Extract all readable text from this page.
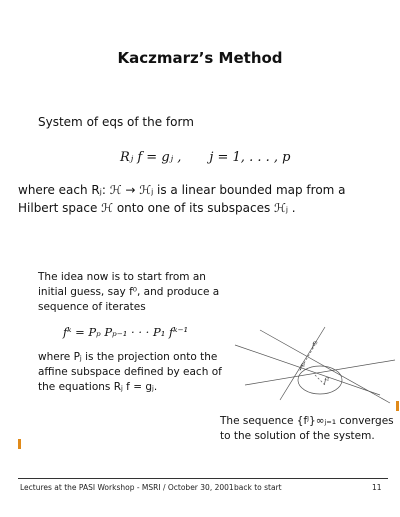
Kaczmarz’s Method
System of eqs of the form
Rⱼ f = gⱼ , j = 1, . . . , p
where each Rⱼ: ℋ → ℋⱼ is a linear bounded map from a Hilbert space ℋ onto one of its subspaces ℋⱼ .
The idea now is to start from an initial guess, say f⁰, and produce a sequence of iterates
fᵏ = Pₚ Pₚ₋₁ · · · P₁ fᵏ⁻¹
where Pⱼ is the projection onto the affine subspace defined by each of the equations Rⱼ f = gⱼ.
f⁰
f¹
f²
The sequence {fʲ}∞ⱼ₌₁ converges to the solution of the system.
Lectures at the PASI Workshop - MSRI / October 30, 2001 back to start	11
